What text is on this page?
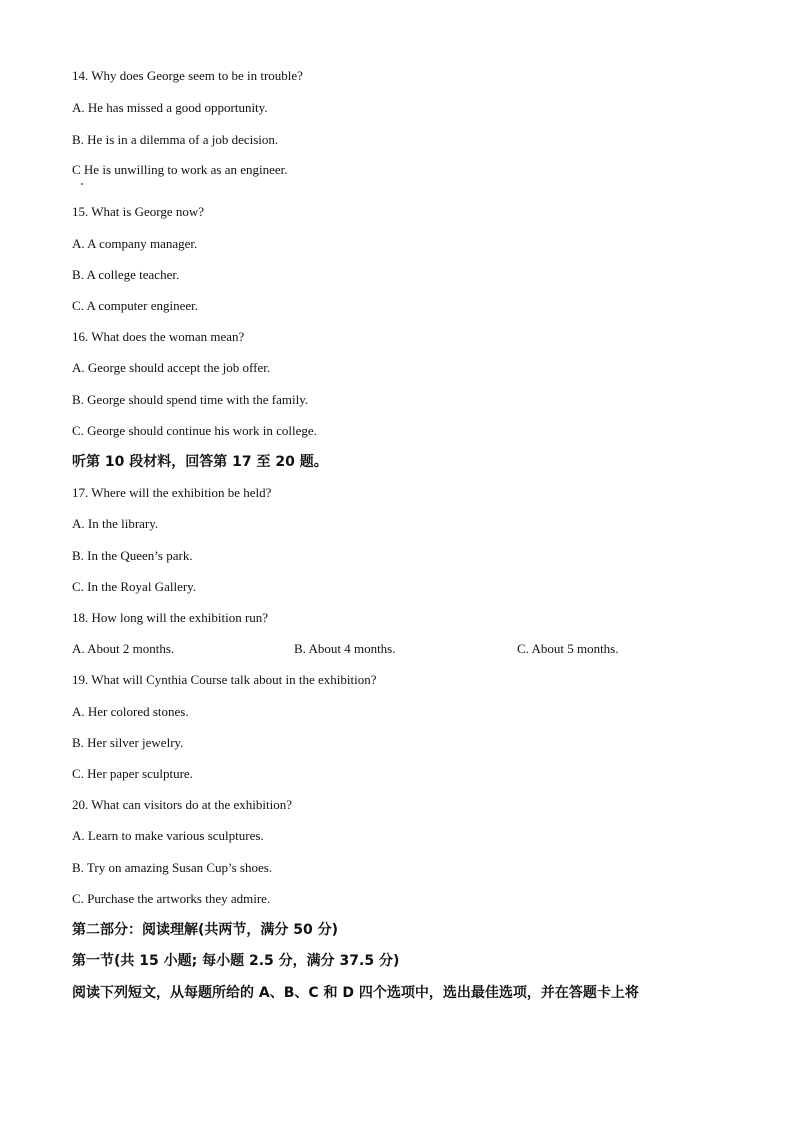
14. Why does George seem to be in trouble?
A. He has missed a good opportunity.
B. He is in a dilemma of a job decision.
C He is unwilling to work as an engineer.
15. What is George now?
A. A company manager.
B. A college teacher.
C. A computer engineer.
16. What does the woman mean?
A. George should accept the job offer.
B. George should spend time with the family.
C. George should continue his work in college.
听第 10 段材料，回答第 17 至 20 题。
17. Where will the exhibition be held?
A. In the library.
B. In the Queen’s park.
C. In the Royal Gallery.
18. How long will the exhibition run?
A. About 2 months.	B. About 4 months.	C. About 5 months.
19. What will Cynthia Course talk about in the exhibition?
A. Her colored stones.
B. Her silver jewelry.
C. Her paper sculpture.
20. What can visitors do at the exhibition?
A. Learn to make various sculptures.
B. Try on amazing Susan Cup’s shoes.
C. Purchase the artworks they admire.
第二部分：阅读理解(共两节，满分 50 分)
第一节(共 15 小题; 每小题 2.5 分，满分 37.5 分)
阅读下列短文，从每题所给的 A、B、C 和 D 四个选项中，选出最佳选项，并在答题卡上将
